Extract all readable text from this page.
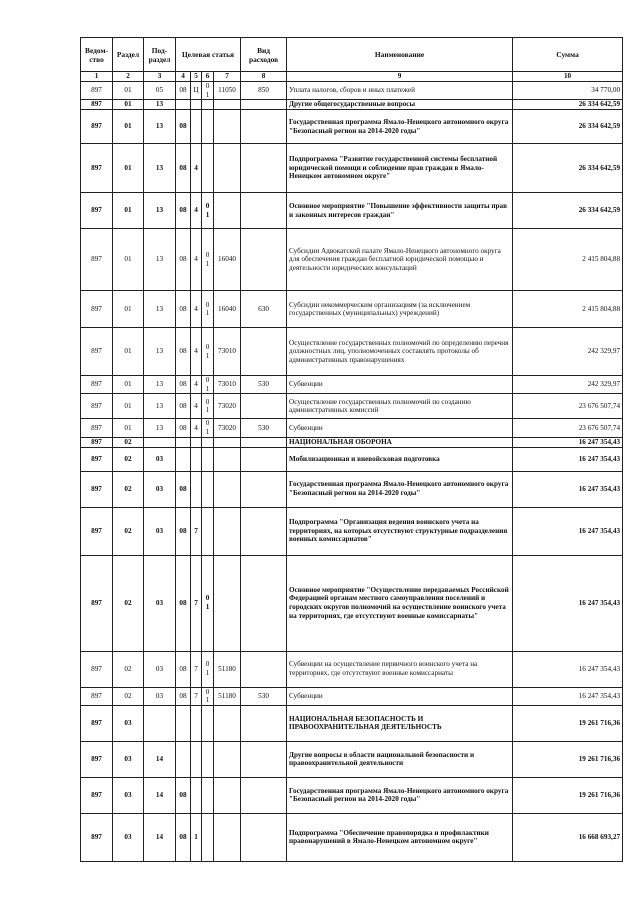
Ведом-ство	Раздел	Под-раздел	Целевая статья				Вид расходов	Наименование	Сумма
1	2	3	4	5	6	7	8	9	10
897	01	05	08	Ц	01	11050	850	Уплата налогов, сборов и иных платежей	34 770,00
897	01	13						Другие общегосударственные вопросы	26 334 642,59
897	01	13	08					Государственная программа Ямало-Ненецкого автономного округа "Безопасный регион на 2014-2020 годы"	26 334 642,59
897	01	13	08	4				Подпрограмма "Развитие государственной системы бесплатной юридической помощи и соблюдение прав граждан в Ямало-Ненецком автономном округе"	26 334 642,59
897	01	13	08	4	01			Основное мероприятие "Повышение эффективности защиты прав и законных интересов граждан"	26 334 642,59
897	01	13	08	4	01	16040		Субсидии Адвокатской палате Ямало-Ненецкого автономного округа для обеспечения граждан бесплатной юридической помощью и деятельности юридических консультаций	2 415 804,88
897	01	13	08	4	01	16040	630	Субсидии некоммерческим организациям (за исключением государственных (муниципальных) учреждений)	2 415 804,88
897	01	13	08	4	01	73010		Осуществление государственных полномочий по определению перечня должностных лиц, уполномоченных составлять протоколы об административных правонарушениях	242 329,97
897	01	13	08	4	01	73010	530	Субвенции	242 329,97
897	01	13	08	4	01	73020		Осуществление государственных полномочий по созданию административных комиссий	23 676 507,74
897	01	13	08	4	01	73020	530	Субвенции	23 676 507,74
897	02							НАЦИОНАЛЬНАЯ ОБОРОНА	16 247 354,43
897	02	03						Мобилизационная и вневойсковая подготовка	16 247 354,43
897	02	03	08					Государственная программа Ямало-Ненецкого автономного округа "Безопасный регион на 2014-2020 годы"	16 247 354,43
897	02	03	08	7				Подпрограмма "Организация ведения воинского учета на территориях, на которых отсутствуют структурные подразделения военных комиссариатов"	16 247 354,43
897	02	03	08	7	01			Основное мероприятие "Осуществление передаваемых Российской Федерацией органам местного самоуправления поселений и городских округов полномочий на осуществление воинского учета на территориях, где отсутствуют военные комиссариаты"	16 247 354,43
897	02	03	08	7	01	51180		Субвенции на осуществление первичного воинского учета на территориях, где отсутствуют военные комиссариаты	16 247 354,43
897	02	03	08	7	01	51180	530	Субвенции	16 247 354,43
897	03							НАЦИОНАЛЬНАЯ БЕЗОПАСНОСТЬ И ПРАВООХРАНИТЕЛЬНАЯ ДЕЯТЕЛЬНОСТЬ	19 261 716,36
897	03	14						Другие вопросы в области национальной безопасности и правоохранительной деятельности	19 261 716,36
897	03	14	08					Государственная программа Ямало-Ненецкого автономного округа "Безопасный регион на 2014-2020 годы"	19 261 716,36
897	03	14	08	1				Подпрограмма "Обеспечение правопорядка и профилактики правонарушений в Ямало-Ненецком автономном округе"	16 668 693,27
